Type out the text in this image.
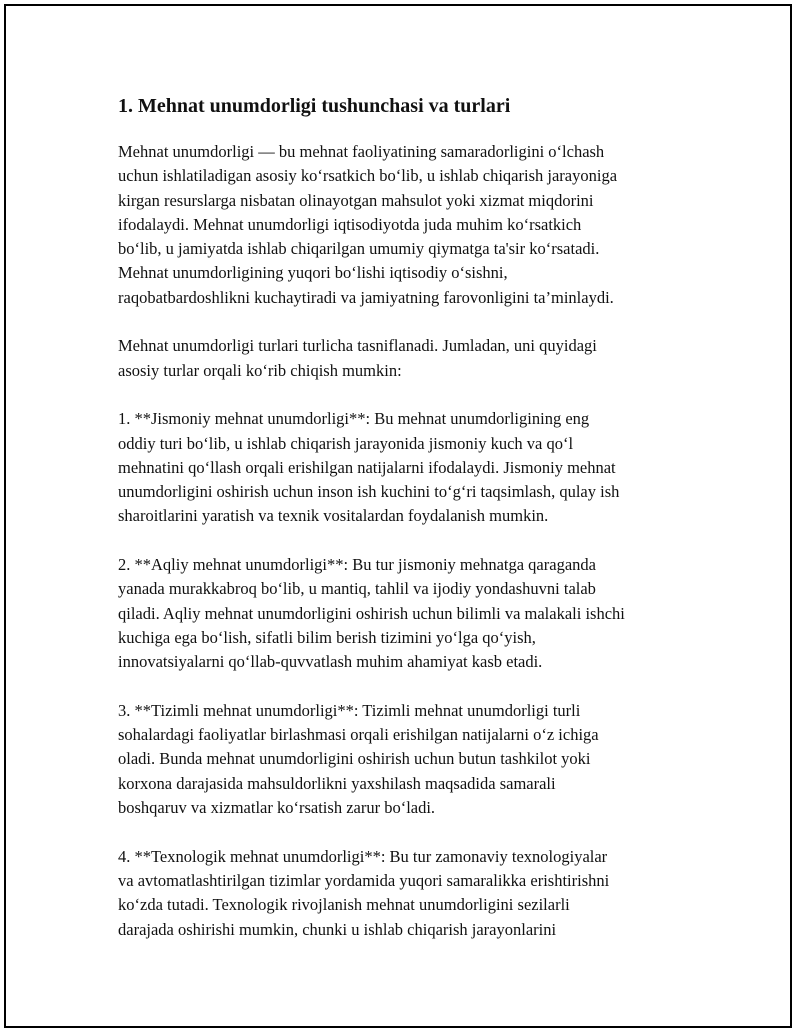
1. Mehnat unumdorligi tushunchasi va turlari

Mehnat unumdorligi — bu mehnat faoliyatining samaradorligini o‘lchash
uchun ishlatiladigan asosiy ko‘rsatkich bo‘lib, u ishlab chiqarish jarayoniga
kirgan resurslarga nisbatan olinayotgan mahsulot yoki xizmat miqdorini
ifodalaydi. Mehnat unumdorligi iqtisodiyotda juda muhim ko‘rsatkich
bo‘lib, u jamiyatda ishlab chiqarilgan umumiy qiymatga ta'sir ko‘rsatadi.
Mehnat unumdorligining yuqori bo‘lishi iqtisodiy o‘sishni,
raqobatbardoshlikni kuchaytiradi va jamiyatning farovonligini ta’minlaydi.

Mehnat unumdorligi turlari turlicha tasniflanadi. Jumladan, uni quyidagi
asosiy turlar orqali ko‘rib chiqish mumkin:

1. **Jismoniy mehnat unumdorligi**: Bu mehnat unumdorligining eng
oddiy turi bo‘lib, u ishlab chiqarish jarayonida jismoniy kuch va qo‘l
mehnatini qo‘llash orqali erishilgan natijalarni ifodalaydi. Jismoniy mehnat
unumdorligini oshirish uchun inson ish kuchini to‘g‘ri taqsimlash, qulay ish
sharoitlarini yaratish va texnik vositalardan foydalanish mumkin.

2. **Aqliy mehnat unumdorligi**: Bu tur jismoniy mehnatga qaraganda
yanada murakkabroq bo‘lib, u mantiq, tahlil va ijodiy yondashuvni talab
qiladi. Aqliy mehnat unumdorligini oshirish uchun bilimli va malakali ishchi
kuchiga ega bo‘lish, sifatli bilim berish tizimini yo‘lga qo‘yish,
innovatsiyalarni qo‘llab-quvvatlash muhim ahamiyat kasb etadi.

3. **Tizimli mehnat unumdorligi**: Tizimli mehnat unumdorligi turli
sohalardagi faoliyatlar birlashmasi orqali erishilgan natijalarni o‘z ichiga
oladi. Bunda mehnat unumdorligini oshirish uchun butun tashkilot yoki
korxona darajasida mahsuldorlikni yaxshilash maqsadida samarali
boshqaruv va xizmatlar ko‘rsatish zarur bo‘ladi.

4. **Texnologik mehnat unumdorligi**: Bu tur zamonaviy texnologiyalar
va avtomatlashtirilgan tizimlar yordamida yuqori samaralikka erishtirishni
ko‘zda tutadi. Texnologik rivojlanish mehnat unumdorligini sezilarli
darajada oshirishi mumkin, chunki u ishlab chiqarish jarayonlarini
